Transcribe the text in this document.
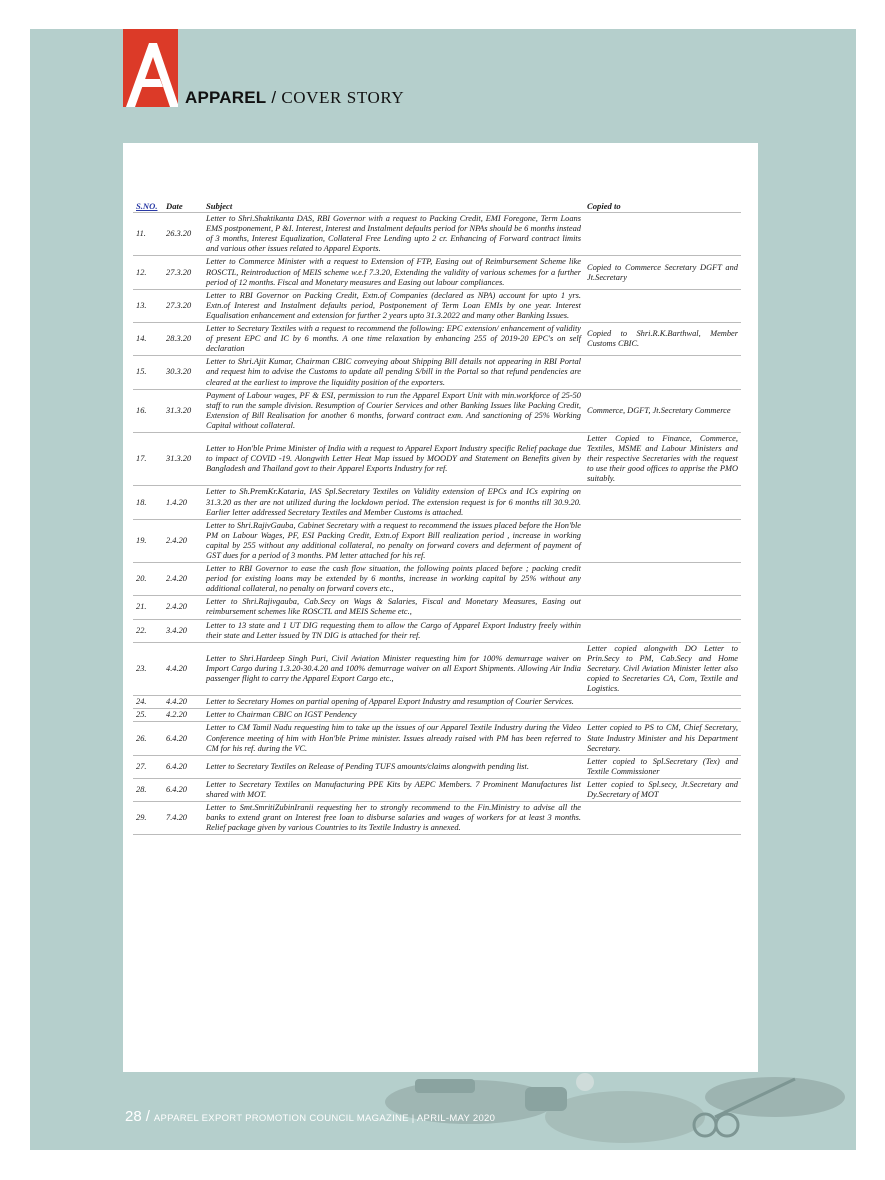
APPAREL / COVER STORY
S.NO.	Date	Subject	Copied to
11.	26.3.20	Letter to Shri.Shaktikanta DAS, RBI Governor with a request to Packing Credit, EMI Foregone, Term Loans EMS postponement, P &I. Interest, Interest and Instalment defaults period for NPAs should be 6 months instead of 3 months, Interest Equalization, Collateral Free Lending upto 2 cr. Enhancing of Forward contract limits and various other issues related to Apparel Exports.	
12.	27.3.20	Letter to Commerce Minister with a request to Extension of FTP, Easing out of Reimbursement Scheme like ROSCTL, Reintroduction of MEIS scheme w.e.f 7.3.20, Extending the validity of various schemes for a further period of 12 months. Fiscal and Monetary measures and Easing out labour compliances.	Copied to Commerce Secretary DGFT and Jt.Secretary
13.	27.3.20	Letter to RBI Governor on Packing Credit, Extn.of Companies (declared as NPA) account for upto 1 yrs. Extn.of Interest and Instalment defaults period, Postponement of Term Loan EMIs by one year. Interest Equalisation enhancement and extension for further 2 years upto 31.3.2022 and many other Banking Issues.	
14.	28.3.20	Letter to Secretary Textiles with a request to recommend the following: EPC extension/ enhancement of validity of present EPC and IC by 6 months. A one time relaxation by enhancing 255 of 2019-20 EPC's on self declaration	Copied to Shri.R.K.Barthwal, Member Customs CBIC.
15.	30.3.20	Letter to Shri.Ajit Kumar, Chairman CBIC conveying about Shipping Bill details not appearing in RBI Portal and request him to advise the Customs to update all pending S/bill in the Portal so that refund pendencies are cleared at the earliest to improve the liquidity position of the exporters.	
16.	31.3.20	Payment of Labour wages, PF & ESI, permission to run the Apparel Export Unit with min.workforce of 25-50 staff to run the sample division. Resumption of Courier Services and other Banking Issues like Packing Credit, Extension of Bill Realisation for another 6 months, forward contract exm. And sanctioning of 25% Working Capital without collateral.	Commerce, DGFT, Jt.Secretary Commerce
17.	31.3.20	Letter to Hon'ble Prime Minister of India with a request to Apparel Export Industry specific Relief package due to impact of COVID -19. Alongwith Letter Heat Map issued by MOODY and Statement on Benefits given by Bangladesh and Thailand govt to their Apparel Exports Industry for ref.	Letter Copied to Finance, Commerce, Textiles, MSME and Labour Ministers and their respective Secretaries with the request to use their good offices to apprise the PMO suitably.
18.	1.4.20	Letter to Sh.PremKr.Kataria, IAS Spl.Secretary Textiles on Validity extension of EPCs and ICs expiring on 31.3.20 as ther are not utilized during the lockdown period. The extension request is for 6 months till 30.9.20. Earlier letter addressed Secretary Textiles and Member Customs is attached.	
19.	2.4.20	Letter to Shri.RajivGauba, Cabinet Secretary with a request to recommend the issues placed before the Hon'ble PM on Labour Wages, PF, ESI Packing Credit, Extn.of Export Bill realization period , increase in working capital by 255 without any additional collateral, no penalty on forward covers and deferment of payment of GST dues for a period of 3 months. PM letter attached for his ref.	
20.	2.4.20	Letter to RBI Governor to ease the cash flow situation, the following points placed before ; packing credit period for existing loans may be extended by 6 months, increase in working capital by 25% without any additional collateral, no penalty on forward covers etc.,	
21.	2.4.20	Letter to Shri.Rajivgauba, Cab.Secy on Wags & Salaries, Fiscal and Monetary Measures, Easing out reimbursement schemes like ROSCTL and MEIS Scheme etc.,	
22.	3.4.20	Letter to 13 state and 1 UT DIG requesting them to allow the Cargo of Apparel Export Industry freely within their state and Letter issued by TN DIG is attached for their ref.	
23.	4.4.20	Letter to Shri.Hardeep Singh Puri, Civil Aviation Minister requesting him for 100% demurrage waiver on Import Cargo during 1.3.20-30.4.20 and 100% demurrage waiver on all Export Shipments. Allowing Air India passenger flight to carry the Apparel Export Cargo etc.,	Letter copied alongwith DO Letter to Prin.Secy to PM, Cab.Secy and Home Secretary. Civil Aviation Minister letter also copied to Secretaries CA, Com, Textile and Logistics.
24.	4.4.20	Letter to Secretary Homes on partial opening of Apparel Export Industry and resumption of Courier Services.	
25.	4.2.20	Letter to Chairman CBIC on IGST Pendency	
26.	6.4.20	Letter to CM Tamil Nadu requesting him to take up the issues of our Apparel Textile Industry during the Video Conference meeting of him with Hon'ble Prime minister. Issues already raised with PM has been referred to CM for his ref. during the VC.	Letter copied to PS to CM, Chief Secretary, State Industry Minister and his Department Secretary.
27.	6.4.20	Letter to Secretary Textiles on Release of Pending TUFS amounts/claims alongwith pending list.	Letter copied to Spl.Secretary (Tex) and Textile Commissioner
28.	6.4.20	Letter to Secretary Textiles on Manufacturing PPE Kits by AEPC Members. 7 Prominent Manufactures list shared with MOT.	Letter copied to Spl.secy, Jt.Secretary and Dy.Secretary of MOT
29.	7.4.20	Letter to Smt.SmritiZubinIranii requesting her to strongly recommend to the Fin.Ministry to advise all the banks to extend grant on Interest free loan to disburse salaries and wages of workers for at least 3 months. Relief package given by various Countries to its Textile Industry is annexed.	
28 / APPAREL EXPORT PROMOTION COUNCIL MAGAZINE | APRIL-MAY 2020
